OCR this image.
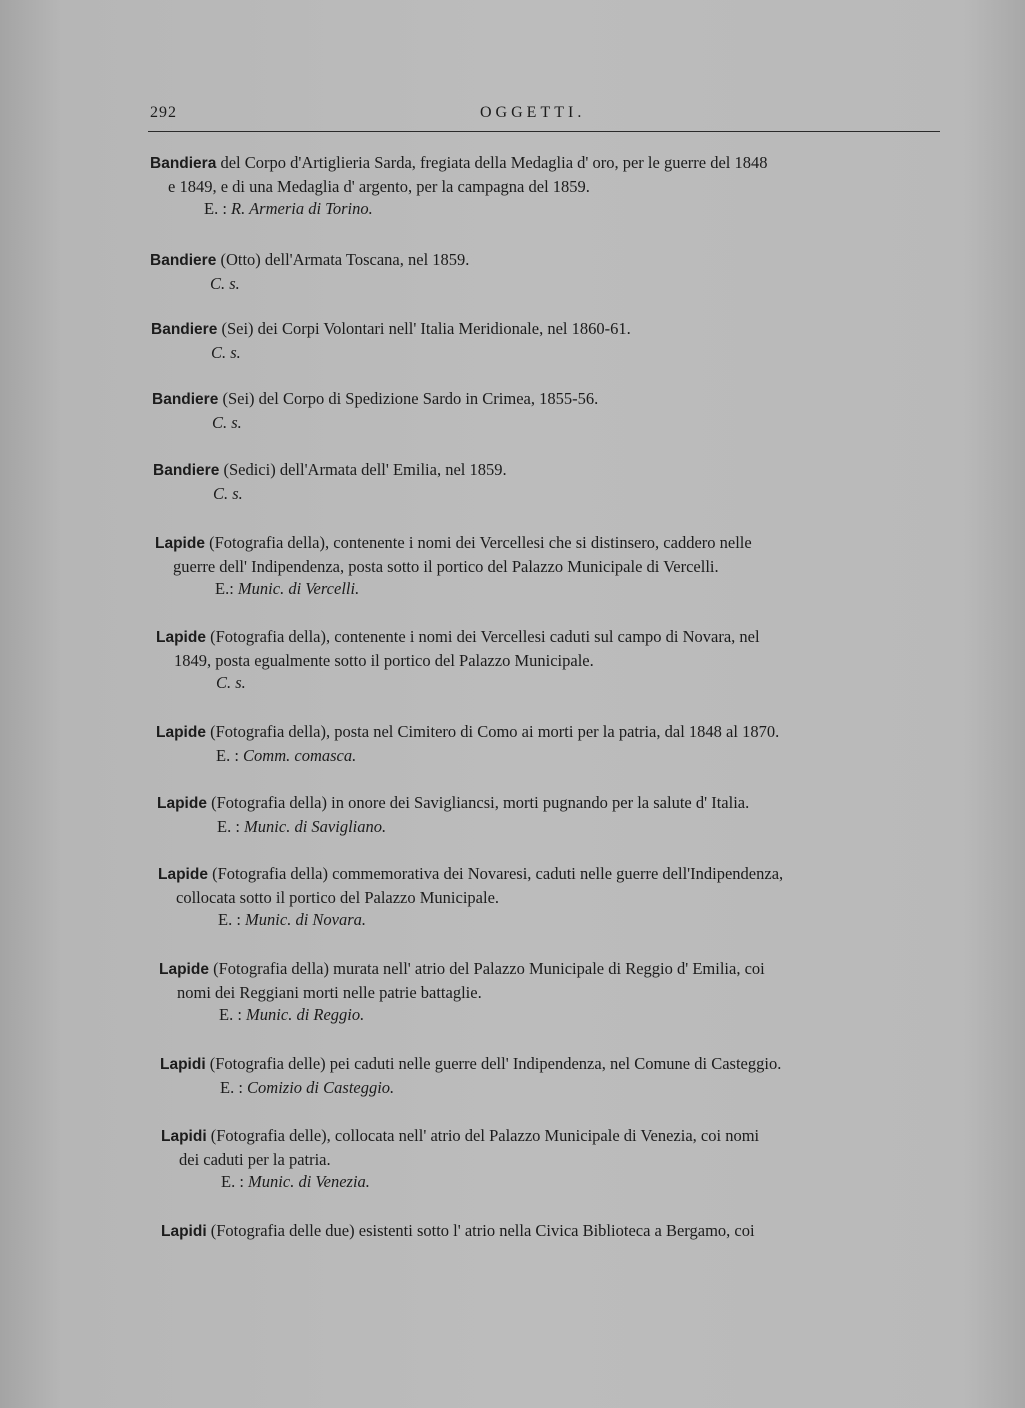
292	OGGETTI.

Bandiera del Corpo d'Artiglieria Sarda, fregiata della Medaglia d' oro, per le guerre del 1848

e 1849, e di una Medaglia d' argento, per la campagna del 1859.

E. : R. Armeria di Torino.

Bandiere (Otto) dell'Armata Toscana, nel 1859.

C. s.

Bandiere (Sei) dei Corpi Volontari nell' Italia Meridionale, nel 1860-61.

C. s.

Bandiere (Sei) del Corpo di Spedizione Sardo in Crimea, 1855-56.

C. s.

Bandiere (Sedici) dell'Armata dell' Emilia, nel 1859.

C. s.

Lapide (Fotografia della), contenente i nomi dei Vercellesi che si distinsero, caddero nelle

guerre dell' Indipendenza, posta sotto il portico del Palazzo Municipale di Vercelli.

E.: Munic. di Vercelli.

Lapide (Fotografia della), contenente i nomi dei Vercellesi caduti sul campo di Novara, nel

1849, posta egualmente sotto il portico del Palazzo Municipale.

C. s.

Lapide (Fotografia della), posta nel Cimitero di Como ai morti per la patria, dal 1848 al 1870.

E. : Comm. comasca.

Lapide (Fotografia della) in onore dei Savigliancsi, morti pugnando per la salute d' Italia.

E. : Munic. di Savigliano.

Lapide (Fotografia della) commemorativa dei Novaresi, caduti nelle guerre dell'Indipendenza,

collocata sotto il portico del Palazzo Municipale.

E. : Munic. di Novara.

Lapide (Fotografia della) murata nell' atrio del Palazzo Municipale di Reggio d' Emilia, coi

nomi dei Reggiani morti nelle patrie battaglie.

E. : Munic. di Reggio.

Lapidi (Fotografia delle) pei caduti nelle guerre dell' Indipendenza, nel Comune di Casteggio.

E. : Comizio di Casteggio.

Lapidi (Fotografia delle), collocata nell' atrio del Palazzo Municipale di Venezia, coi nomi

dei caduti per la patria.

E. : Munic. di Venezia.

Lapidi (Fotografia delle due) esistenti sotto l' atrio nella Civica Biblioteca a Bergamo, coi
